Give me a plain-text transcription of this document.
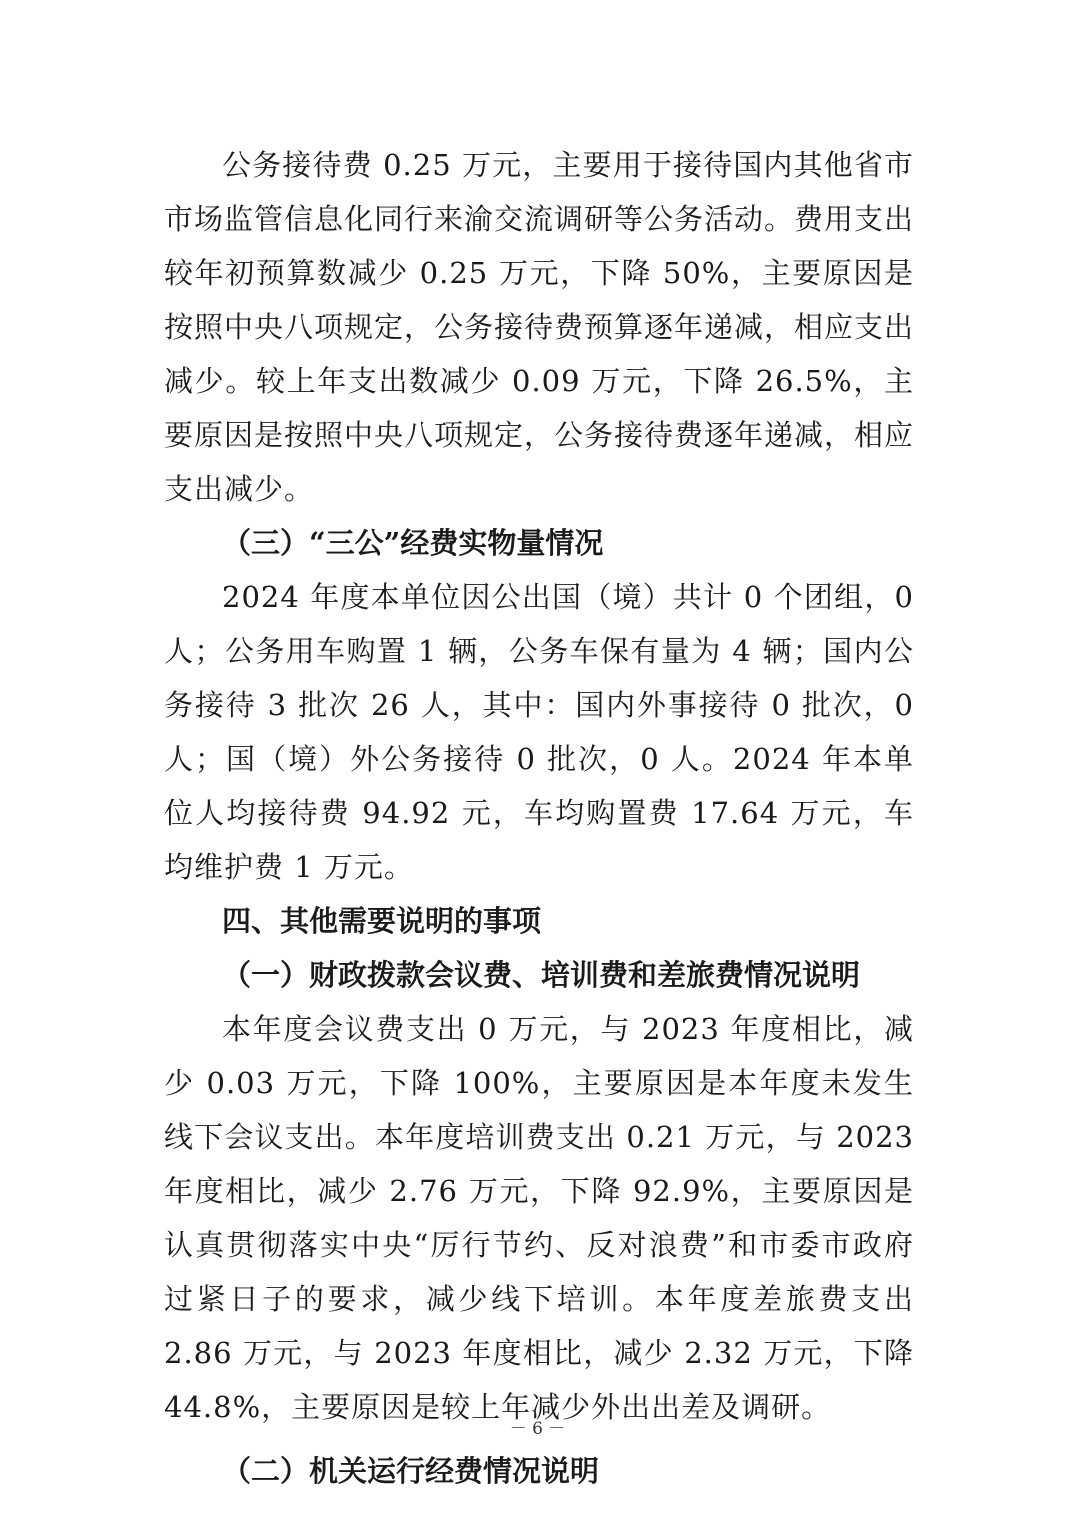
公务接待费 0.25 万元，主要用于接待国内其他省市市场监管信息化同行来渝交流调研等公务活动。费用支出较年初预算数减少 0.25 万元，下降 50%，主要原因是按照中央八项规定，公务接待费预算逐年递减，相应支出减少。较上年支出数减少 0.09 万元，下降 26.5%，主要原因是按照中央八项规定，公务接待费逐年递减，相应支出减少。

（三）“三公”经费实物量情况

2024 年度本单位因公出国（境）共计 0 个团组，0 人；公务用车购置 1 辆，公务车保有量为 4 辆；国内公务接待 3 批次 26 人，其中：国内外事接待 0 批次，0 人；国（境）外公务接待 0 批次，0 人。2024 年本单位人均接待费 94.92 元，车均购置费 17.64 万元，车均维护费 1 万元。

四、其他需要说明的事项

（一）财政拨款会议费、培训费和差旅费情况说明

本年度会议费支出 0 万元，与 2023 年度相比，减少 0.03 万元，下降 100%，主要原因是本年度未发生线下会议支出。本年度培训费支出 0.21 万元，与 2023 年度相比，减少 2.76 万元，下降 92.9%，主要原因是认真贯彻落实中央“厉行节约、反对浪费”和市委市政府过紧日子的要求，减少线下培训。本年度差旅费支出 2.86 万元，与 2023 年度相比，减少 2.32 万元，下降 44.8%，主要原因是较上年减少外出出差及调研。

（二）机关运行经费情况说明

－ 6 －
